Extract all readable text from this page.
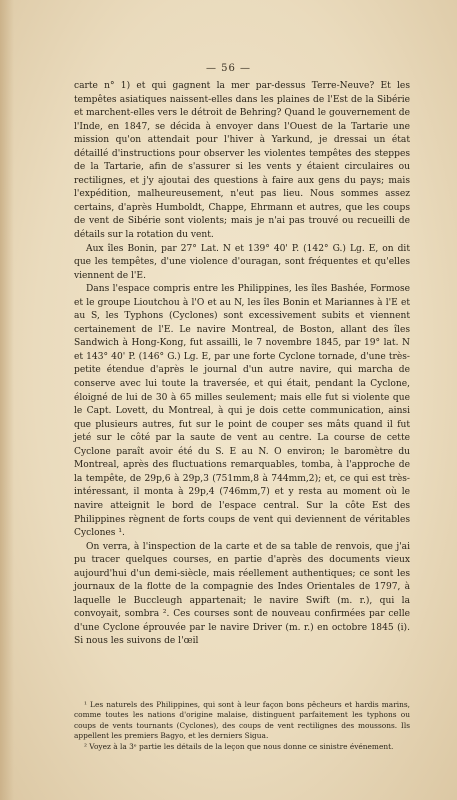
— 56 —

carte n° 1) et qui gagnent la mer par-dessus Terre-Neuve? Et les tempêtes asiatiques naissent-elles dans les plaines de l'Est de la Sibérie et marchent-elles vers le détroit de Behring? Quand le gouvernement de l'Inde, en 1847, se décida à envoyer dans l'Ouest de la Tartarie une mission qu'on attendait pour l'hiver à Yarkund, je dressai un état détaillé d'instructions pour observer les violentes tempêtes des steppes de la Tartarie, afin de s'assurer si les vents y étaient circulaires ou rectilignes, et j'y ajoutai des questions à faire aux gens du pays; mais l'expédition, malheureusement, n'eut pas lieu. Nous sommes assez certains, d'après Humboldt, Chappe, Ehrmann et autres, que les coups de vent de Sibérie sont violents; mais je n'ai pas trouvé ou recueilli de détails sur la rotation du vent.

Aux îles Bonin, par 27° Lat. N et 139° 40' P. (142° G.) Lg. E, on dit que les tempêtes, d'une violence d'ouragan, sont fréquentes et qu'elles viennent de l'E.

Dans l'espace compris entre les Philippines, les îles Bashée, Formose et le groupe Lioutchou à l'O et au N, les îles Bonin et Mariannes à l'E et au S, les Typhons (Cyclones) sont excessivement subits et viennent certainement de l'E. Le navire Montreal, de Boston, allant des îles Sandwich à Hong-Kong, fut assailli, le 7 novembre 1845, par 19° lat. N et 143° 40' P. (146° G.) Lg. E, par une forte Cyclone tornade, d'une très-petite étendue d'après le journal d'un autre navire, qui marcha de conserve avec lui toute la traversée, et qui était, pendant la Cyclone, éloigné de lui de 30 à 65 milles seulement; mais elle fut si violente que le Capt. Lovett, du Montreal, à qui je dois cette communication, ainsi que plusieurs autres, fut sur le point de couper ses mâts quand il fut jeté sur le côté par la saute de vent au centre. La course de cette Cyclone paraît avoir été du S. E au N. O environ; le baromètre du Montreal, après des fluctuations remarquables, tomba, à l'approche de la tempête, de 29p,6 à 29p,3 (751mm,8 à 744mm,2); et, ce qui est très-intéressant, il monta à 29p,4 (746mm,7) et y resta au moment où le navire atteignit le bord de l'espace central. Sur la côte Est des Philippines règnent de forts coups de vent qui deviennent de véritables Cyclones ¹.

On verra, à l'inspection de la carte et de sa table de renvois, que j'ai pu tracer quelques courses, en partie d'après des documents vieux aujourd'hui d'un demi-siècle, mais réellement authentiques; ce sont les journaux de la flotte de la compagnie des Indes Orientales de 1797, à laquelle le Buccleugh appartenait; le navire Swift (m. r.), qui la convoyait, sombra ². Ces courses sont de nouveau confirmées par celle d'une Cyclone éprouvée par le navire Driver (m. r.) en octobre 1845 (i). Si nous les suivons de l'œil

¹ Les naturels des Philippines, qui sont à leur façon bons pêcheurs et hardis marins, comme toutes les nations d'origine malaise, distinguent parfaitement les typhons ou coups de vents tournants (Cyclones), des coups de vent rectilignes des moussons. Ils appellent les premiers Bagyo, et les derniers Sigua.

² Voyez à la 3ᵉ partie les détails de la leçon que nous donne ce sinistre événement.
